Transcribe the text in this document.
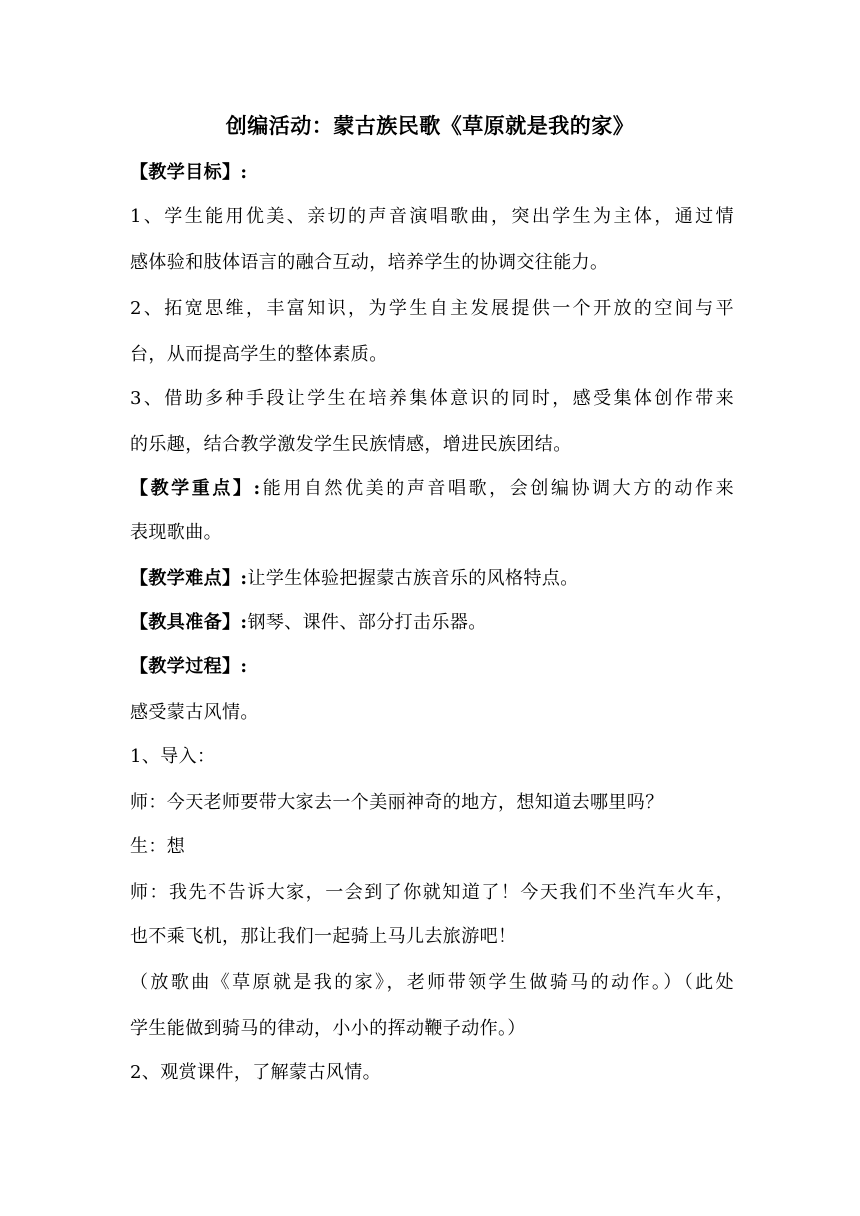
创编活动：蒙古族民歌《草原就是我的家》
【教学目标】:
1、学生能用优美、亲切的声音演唱歌曲，突出学生为主体，通过情
感体验和肢体语言的融合互动，培养学生的协调交往能力。
2、拓宽思维，丰富知识，为学生自主发展提供一个开放的空间与平
台，从而提高学生的整体素质。
3、借助多种手段让学生在培养集体意识的同时，感受集体创作带来
的乐趣，结合教学激发学生民族情感，增进民族团结。
【教学重点】:能用自然优美的声音唱歌，会创编协调大方的动作来
表现歌曲。
【教学难点】:让学生体验把握蒙古族音乐的风格特点。
【教具准备】:钢琴、课件、部分打击乐器。
【教学过程】:
感受蒙古风情。
1、导入：
师：今天老师要带大家去一个美丽神奇的地方，想知道去哪里吗？
生：想
师：我先不告诉大家，一会到了你就知道了！今天我们不坐汽车火车，
也不乘飞机，那让我们一起骑上马儿去旅游吧！
（放歌曲《草原就是我的家》，老师带领学生做骑马的动作。）（此处
学生能做到骑马的律动，小小的挥动鞭子动作。）
2、观赏课件，了解蒙古风情。
